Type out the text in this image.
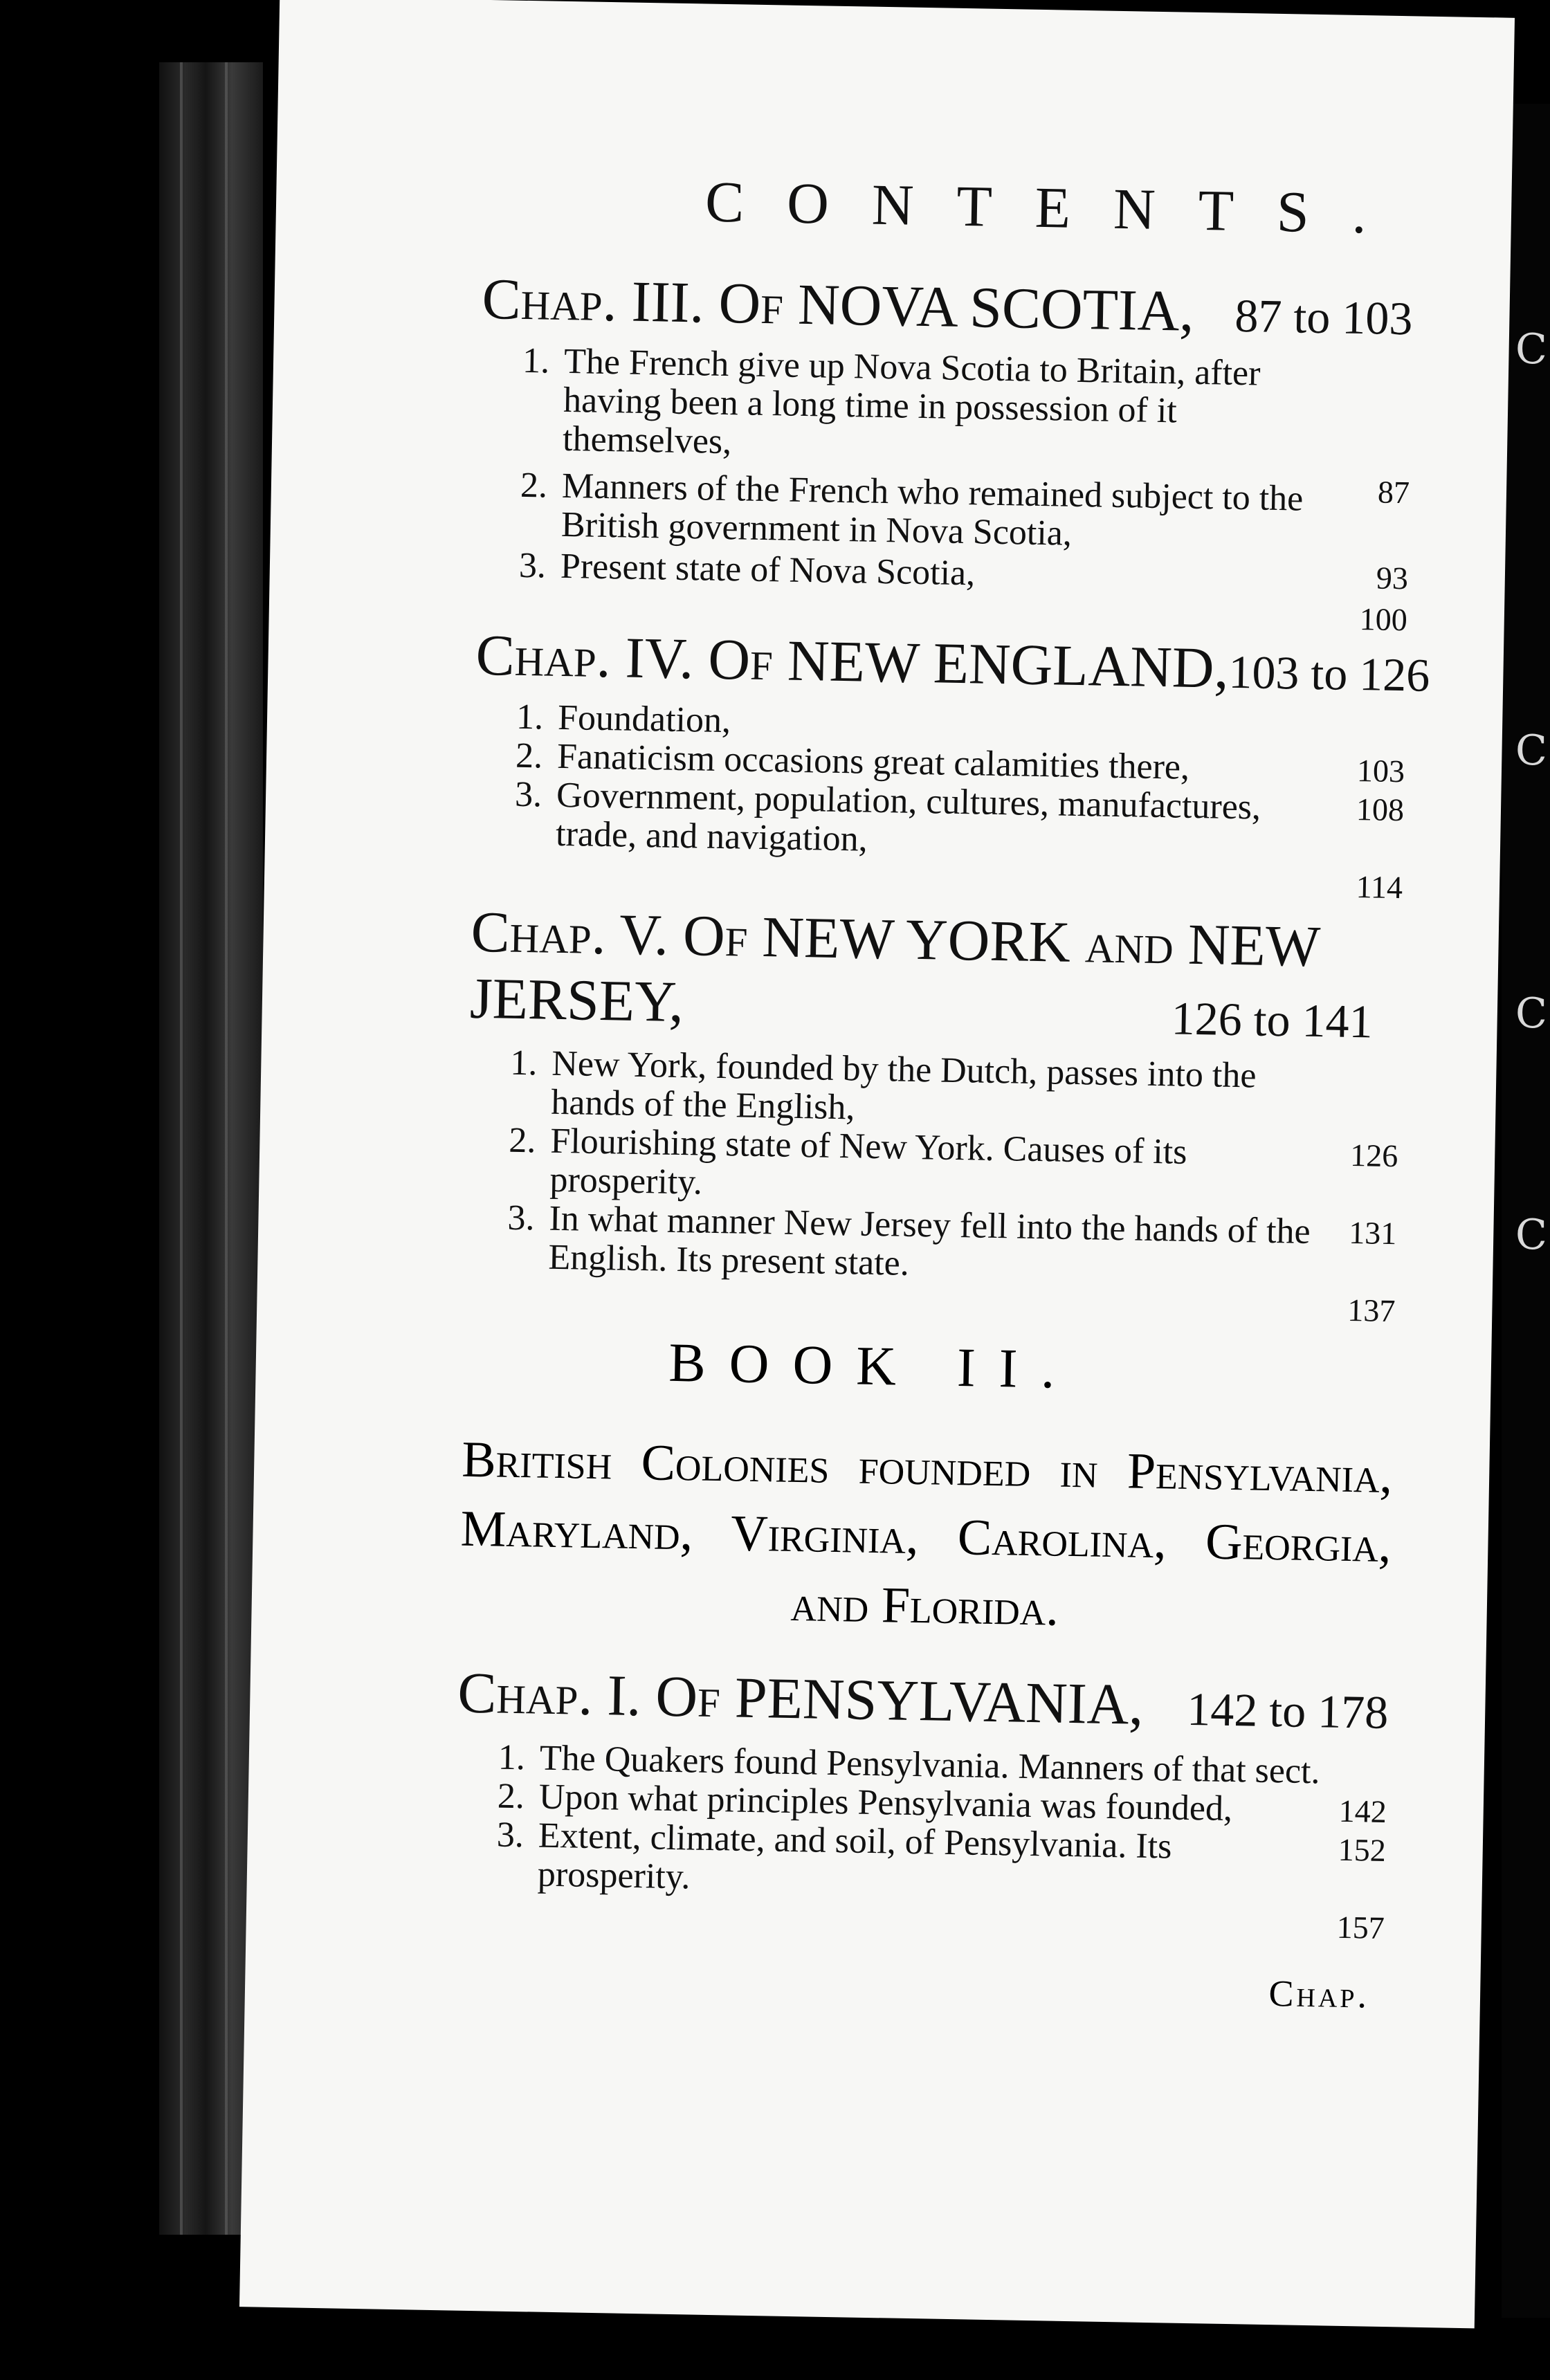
C
C
C
C
CONTENTS.
Chap. III. Of NOVA SCOTIA, 87 to 103
1. The French give up Nova Scotia to Britain, after having been a long time in possession of it themselves,
87
2. Manners of the French who remained subject to the British government in Nova Scotia,
93
3. Present state of Nova Scotia,
100
Chap. IV. Of NEW ENGLAND,
103 to 126
1. Foundation,
103
2. Fanaticism occasions great calamities there,
108
3. Government, population, cultures, manufactures, trade, and navigation,
114
Chap. V. Of NEW YORK and NEW JERSEY,	126 to 141
1. New York, founded by the Dutch, passes into the hands of the English,
126
2. Flourishing state of New York. Causes of its prosperity.
131
3. In what manner New Jersey fell into the hands of the English. Its present state.
137
BOOK II.
British Colonies founded in Pensylvania, Maryland, Virginia, Carolina, Georgia, and Florida.
Chap. I. Of PENSYLVANIA, 142 to 178
1. The Quakers found Pensylvania. Manners of that sect.
142
2. Upon what principles Pensylvania was founded,
152
3. Extent, climate, and soil, of Pensylvania. Its prosperity.
157
Chap.
